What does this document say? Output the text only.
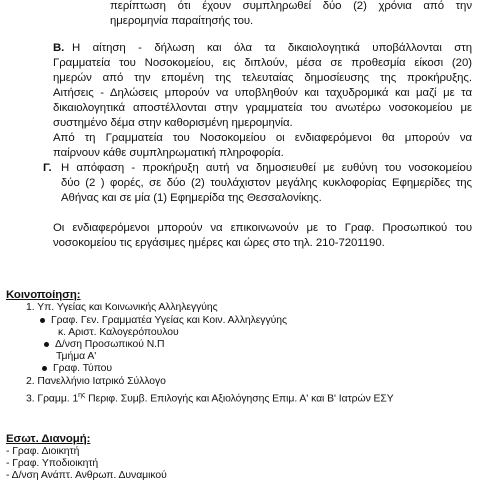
περίπτωση ότι έχουν συμπληρωθεί δύο (2) χρόνια από την
ημερομηνία παραίτησής του.
Β. Η αίτηση - δήλωση και όλα τα δικαιολογητικά υποβάλλονται στη
Γραμματεία του Νοσοκομείου, εις διπλούν, μέσα σε προθεσμία είκοσι (20)
ημερών από την επομένη της τελευταίας δημοσίευσης της προκήρυξης.
Αιτήσεις - Δηλώσεις μπορούν να υποβληθούν και ταχυδρομικά και μαζί με τα
δικαιολογητικά αποστέλλονται στην γραμματεία του ανωτέρω νοσοκομείου με
συστημένο δέμα στην καθορισμένη ημερομηνία.
Από τη Γραμματεία του Νοσοκομείου οι ενδιαφερόμενοι θα μπορούν να
παίρνουν κάθε συμπληρωματική πληροφορία.
Γ. Η απόφαση - προκήρυξη αυτή να δημοσιευθεί με ευθύνη του νοσοκομείου
δύο (2 ) φορές, σε δύο (2) τουλάχιστον μεγάλης κυκλοφορίας Εφημερίδες της
Αθήνας και σε μία (1) Εφημερίδα της Θεσσαλονίκης.
Οι ενδιαφερόμενοι μπορούν να επικοινωνούν με το Γραφ. Προσωπικού του
νοσοκομείου τις εργάσιμες ημέρες και ώρες στο τηλ. 210-7201190.
Κοινοποίηση:
1. Υπ. Υγείας και Κοινωνικής Αλληλεγγύης
Γραφ. Γεν. Γραμματέα Υγείας και Κοιν. Αλληλεγγύης
κ. Αριστ. Καλογερόπουλου
Δ/νση Προσωπικού Ν.Π
Τμήμα Α'
Γραφ. Τύπου
2. Πανελλήνιο Ιατρικό Σύλλογο
3. Γραμμ. $1^{\eta\varsigma}$ Περιφ. Συμβ. Επιλογής και Αξιολόγησης Επιμ. Α' και Β' Ιατρών ΕΣΥ
Εσωτ. Διανομή:
- Γραφ. Διοικητή
- Γραφ. Υποδιοικητή
- Δ/νση Ανάπτ. Ανθρωπ. Δυναμικού
